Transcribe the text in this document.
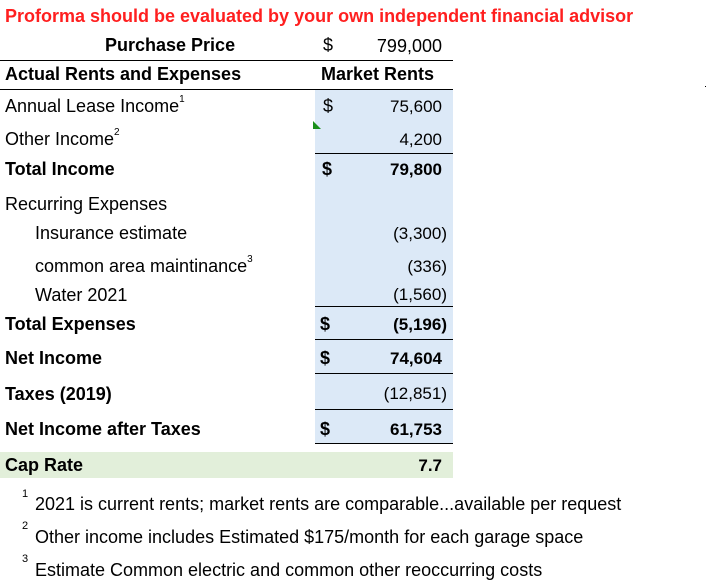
Proforma should be evaluated by your own independent financial advisor
Purchase Price	$	799,000
Actual Rents and Expenses	Market Rents
Annual Lease Income$^1$	$	75,600
Other Income$^2$	4,200
Total Income	$	79,800
Recurring Expenses
Insurance estimate	(3,300)
common area maintinance$^3$	(336)
Water 2021	(1,560)
Total Expenses	$	(5,196)
Net Income	$	74,604
Taxes (2019)	(12,851)
Net Income after Taxes	$	61,753
Cap Rate	7.7
1 2021 is current rents; market rents are comparable...available per request
2
Other income includes Estimated $175/month for each garage space
3
Estimate Common electric and common other reoccurring costs
